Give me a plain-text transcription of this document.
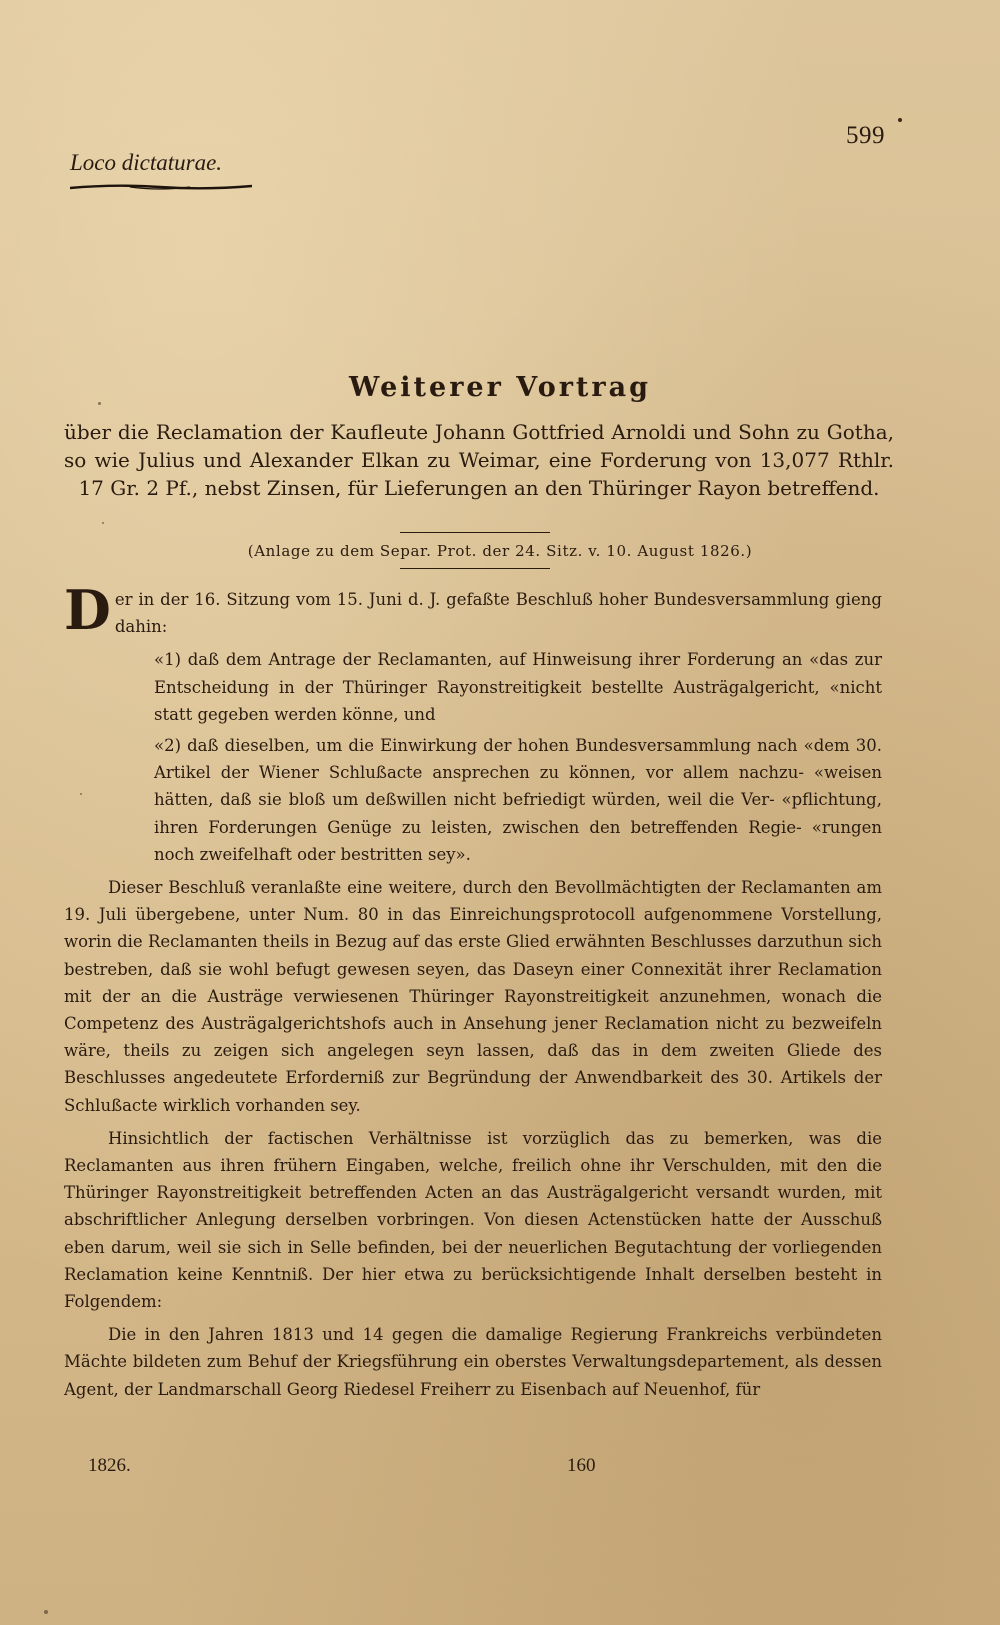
599
Loco dictaturae.
Weiterer Vortrag
über die Reclamation der Kaufleute Johann Gottfried Arnoldi und Sohn zu Gotha,
so wie Julius und Alexander Elkan zu Weimar, eine Forderung von 13,077 Rthlr.
17 Gr. 2 Pf., nebst Zinsen, für Lieferungen an den Thüringer Rayon betreffend.
(Anlage zu dem Separ. Prot. der 24. Sitz. v. 10. August 1826.)

Der in der 16. Sitzung vom 15. Juni d. J. gefaßte Beschluß hoher Bundesversammlung gieng dahin:

«1) daß dem Antrage der Reclamanten, auf Hinweisung ihrer Forderung an «das zur Entscheidung in der Thüringer Rayonstreitigkeit bestellte Austrägalgericht, «nicht statt gegeben werden könne, und

«2) daß dieselben, um die Einwirkung der hohen Bundesversammlung nach «dem 30. Artikel der Wiener Schlußacte ansprechen zu können, vor allem nachzu- «weisen hätten, daß sie bloß um deßwillen nicht befriedigt würden, weil die Ver- «pflichtung, ihren Forderungen Genüge zu leisten, zwischen den betreffenden Regie- «rungen noch zweifelhaft oder bestritten sey».

Dieser Beschluß veranlaßte eine weitere, durch den Bevollmächtigten der Reclamanten am 19. Juli übergebene, unter Num. 80 in das Einreichungsprotocoll aufgenommene Vorstellung, worin die Reclamanten theils in Bezug auf das erste Glied erwähnten Beschlusses darzuthun sich bestreben, daß sie wohl befugt gewesen seyen, das Daseyn einer Connexität ihrer Reclamation mit der an die Austräge verwiesenen Thüringer Rayonstreitigkeit anzunehmen, wonach die Competenz des Austrägalgerichtshofs auch in Ansehung jener Reclamation nicht zu bezweifeln wäre, theils zu zeigen sich angelegen seyn lassen, daß das in dem zweiten Gliede des Beschlusses angedeutete Erforderniß zur Begründung der Anwendbarkeit des 30. Artikels der Schlußacte wirklich vorhanden sey.

Hinsichtlich der factischen Verhältnisse ist vorzüglich das zu bemerken, was die Reclamanten aus ihren frühern Eingaben, welche, freilich ohne ihr Verschulden, mit den die Thüringer Rayonstreitigkeit betreffenden Acten an das Austrägalgericht versandt wurden, mit abschriftlicher Anlegung derselben vorbringen. Von diesen Actenstücken hatte der Ausschuß eben darum, weil sie sich in Selle befinden, bei der neuerlichen Begutachtung der vorliegenden Reclamation keine Kenntniß. Der hier etwa zu berücksichtigende Inhalt derselben besteht in Folgendem:

Die in den Jahren 1813 und 14 gegen die damalige Regierung Frankreichs verbündeten Mächte bildeten zum Behuf der Kriegsführung ein oberstes Verwaltungsdepartement, als dessen Agent, der Landmarschall Georg Riedesel Freiherr zu Eisenbach auf Neuenhof, für

1826.	160
